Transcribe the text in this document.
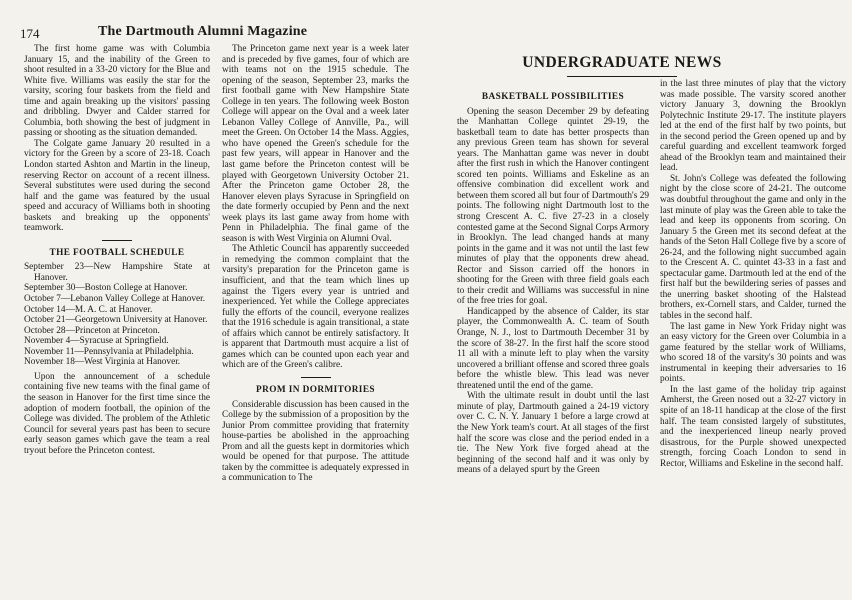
174	The Dartmouth Alumni Magazine

The first home game was with Columbia January 15, and the inability of the Green to shoot resulted in a 33-20 victory for the Blue and White five. Williams was easily the star for the varsity, scoring four baskets from the field and time and again breaking up the visitors' passing and dribbling. Dwyer and Calder starred for Columbia, both showing the best of judgment in passing or shooting as the situation demanded.

The Colgate game January 20 resulted in a victory for the Green by a score of 23-18. Coach London started Ashton and Martin in the lineup, reserving Rector on account of a recent illness. Several substitutes were used during the second half and the game was featured by the usual speed and accuracy of Williams both in shooting baskets and breaking up the opponents' teamwork.

THE FOOTBALL SCHEDULE
September 23—New Hampshire State at Hanover.
September 30—Boston College at Hanover.
October 7—Lebanon Valley College at Hanover.
October 14—M. A. C. at Hanover.
October 21—Georgetown University at Hanover.
October 28—Princeton at Princeton.
November 4—Syracuse at Springfield.
November 11—Pennsylvania at Philadelphia.
November 18—West Virginia at Hanover.

Upon the announcement of a schedule containing five new teams with the final game of the season in Hanover for the first time since the adoption of modern football, the opinion of the College was divided. The problem of the Athletic Council for several years past has been to secure early season games which gave the team a real tryout before the Princeton contest.

The Princeton game next year is a week later and is preceded by five games, four of which are with teams not on the 1915 schedule. The opening of the season, September 23, marks the first football game with New Hampshire State College in ten years. The following week Boston College will appear on the Oval and a week later Lebanon Valley College of Annville, Pa., will meet the Green. On October 14 the Mass. Aggies, who have opened the Green's schedule for the past few years, will appear in Hanover and the last game before the Princeton contest will be played with Georgetown University October 21. After the Princeton game October 28, the Hanover eleven plays Syracuse in Springfield on the date formerly occupied by Penn and the next week plays its last game away from home with Penn in Philadelphia. The final game of the season is with West Virginia on Alumni Oval.

The Athletic Council has apparently succeeded in remedying the common complaint that the varsity's preparation for the Princeton game is insufficient, and that the team which lines up against the Tigers every year is untried and inexperienced. Yet while the College appreciates fully the efforts of the council, everyone realizes that the 1916 schedule is again transitional, a state of affairs which cannot be entirely satisfactory. It is apparent that Dartmouth must acquire a list of games which can be counted upon each year and which are of the Green's calibre.

PROM IN DORMITORIES

Considerable discussion has been caused in the College by the submission of a proposition by the Junior Prom committee providing that fraternity house-parties be abolished in the approaching Prom and all the guests kept in dormitories which would be opened for that purpose. The attitude taken by the committee is adequately expressed in a communication to The

UNDERGRADUATE NEWS
BASKETBALL POSSIBILITIES

Opening the season December 29 by defeating the Manhattan College quintet 29-19, the basketball team to date has better prospects than any previous Green team has shown for several years. The Manhattan game was never in doubt after the first rush in which the Hanover contingent scored ten points. Williams and Eskeline as an offensive combination did excellent work and between them scored all but four of Dartmouth's 29 points. The following night Dartmouth lost to the strong Crescent A. C. five 27-23 in a closely contested game at the Second Signal Corps Armory in Brooklyn. The lead changed hands at many points in the game and it was not until the last few minutes of play that the opponents drew ahead. Rector and Sisson carried off the honors in shooting for the Green with three field goals each to their credit and Williams was successful in nine of the free tries for goal.

Handicapped by the absence of Calder, its star player, the Commonwealth A. C. team of South Orange, N. J., lost to Dartmouth December 31 by the score of 38-27. In the first half the score stood 11 all with a minute left to play when the varsity uncovered a brilliant offense and scored three goals before the whistle blew. This lead was never threatened until the end of the game.

With the ultimate result in doubt until the last minute of play, Dartmouth gained a 24-19 victory over C. C. N. Y. January 1 before a large crowd at the New York team's court. At all stages of the first half the score was close and the period ended in a tie. The New York five forged ahead at the beginning of the second half and it was only by means of a delayed spurt by the Green

in the last three minutes of play that the victory was made possible. The varsity scored another victory January 3, downing the Brooklyn Polytechnic Institute 29-17. The institute players led at the end of the first half by two points, but in the second period the Green opened up and by careful guarding and excellent teamwork forged ahead of the Brooklyn team and maintained their lead.

St. John's College was defeated the following night by the close score of 24-21. The outcome was doubtful throughout the game and only in the last minute of play was the Green able to take the lead and keep its opponents from scoring. On January 5 the Green met its second defeat at the hands of the Seton Hall College five by a score of 26-24, and the following night succumbed again to the Crescent A. C. quintet 43-33 in a fast and spectacular game. Dartmouth led at the end of the first half but the bewildering series of passes and the unerring basket shooting of the Halstead brothers, ex-Cornell stars, and Calder, turned the tables in the second half.

The last game in New York Friday night was an easy victory for the Green over Columbia in a game featured by the stellar work of Williams, who scored 18 of the varsity's 30 points and was instrumental in keeping their adversaries to 16 points.

In the last game of the holiday trip against Amherst, the Green nosed out a 32-27 victory in spite of an 18-11 handicap at the close of the first half. The team consisted largely of substitutes, and the inexperienced lineup nearly proved disastrous, for the Purple showed unexpected strength, forcing Coach London to send in Rector, Williams and Eskeline in the second half.
